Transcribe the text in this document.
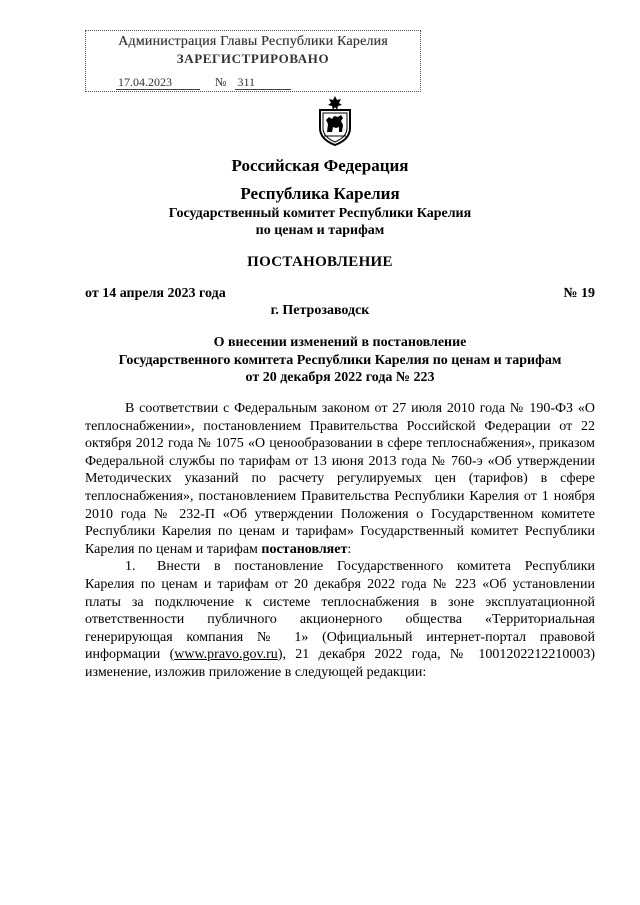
Администрация Главы Республики Карелия
ЗАРЕГИСТРИРОВАНО
17.04.2023	№ 311
Российская Федерация
Республика Карелия
Государственный комитет Республики Карелия
по ценам и тарифам
ПОСТАНОВЛЕНИЕ
от 14 апреля 2023 года	№ 19
г. Петрозаводск
О внесении изменений в постановление
Государственного комитета Республики Карелия по ценам и тарифам
от 20 декабря 2022 года № 223

В соответствии с Федеральным законом от 27 июля 2010 года № 190-ФЗ «О теплоснабжении», постановлением Правительства Российской Федерации от 22 октября 2012 года № 1075 «О ценообразовании в сфере теплоснабжения», приказом Федеральной службы по тарифам от 13 июня 2013 года № 760-э «Об утверждении Методических указаний по расчету регулируемых цен (тарифов) в сфере теплоснабжения», постановлением Правительства Республики Карелия от 1 ноября 2010 года № 232-П «Об утверждении Положения о Государственном комитете Республики Карелия по ценам и тарифам» Государственный комитет Республики Карелия по ценам и тарифам постановляет:

1. Внести в постановление Государственного комитета Республики Карелия по ценам и тарифам от 20 декабря 2022 года № 223 «Об установлении платы за подключение к системе теплоснабжения в зоне эксплуатационной ответственности публичного акционерного общества «Территориальная генерирующая компания № 1» (Официальный интернет-портал правовой информации (www.pravo.gov.ru), 21 декабря 2022 года, № 1001202212210003) изменение, изложив приложение в следующей редакции:
